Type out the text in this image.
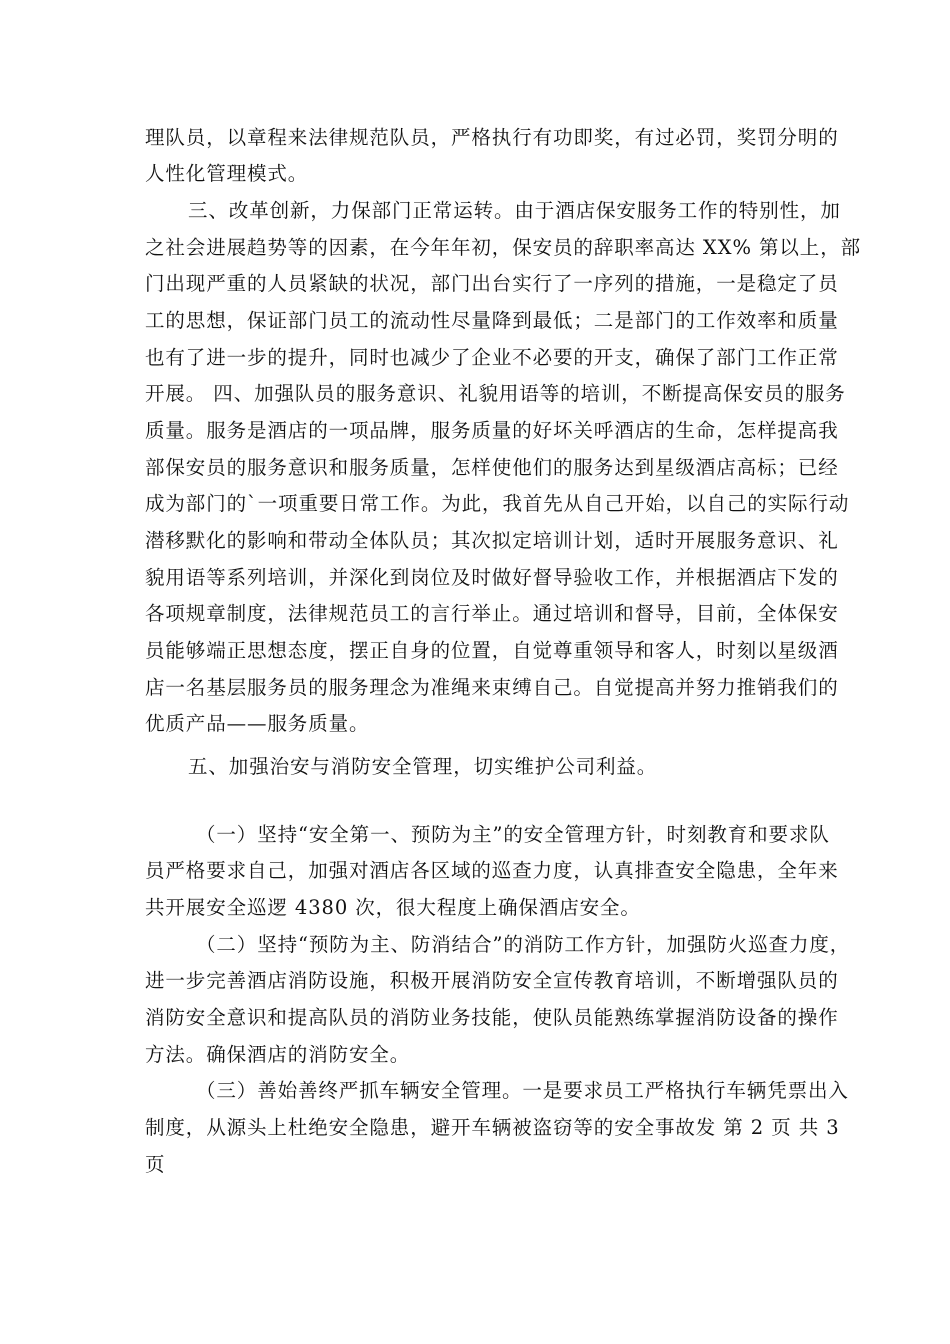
理队员，以章程来法律规范队员，严格执行有功即奖，有过必罚，奖罚分明的
人性化管理模式。
三、改革创新，力保部门正常运转。由于酒店保安服务工作的特别性，加
之社会进展趋势等的因素，在今年年初，保安员的辞职率高达 XX% 第以上，部
门出现严重的人员紧缺的状况，部门出台实行了一序列的措施，一是稳定了员
工的思想，保证部门员工的流动性尽量降到最低；二是部门的工作效率和质量
也有了进一步的提升，同时也减少了企业不必要的开支，确保了部门工作正常
开展。 四、加强队员的服务意识、礼貌用语等的培训，不断提高保安员的服务
质量。服务是酒店的一项品牌，服务质量的好坏关呼酒店的生命，怎样提高我
部保安员的服务意识和服务质量，怎样使他们的服务达到星级酒店高标；已经
成为部门的`一项重要日常工作。为此，我首先从自己开始，以自己的实际行动
潜移默化的影响和带动全体队员；其次拟定培训计划，适时开展服务意识、礼
貌用语等系列培训，并深化到岗位及时做好督导验收工作，并根据酒店下发的
各项规章制度，法律规范员工的言行举止。通过培训和督导，目前，全体保安
员能够端正思想态度，摆正自身的位置，自觉尊重领导和客人，时刻以星级酒
店一名基层服务员的服务理念为准绳来束缚自己。自觉提高并努力推销我们的
优质产品——服务质量。
五、加强治安与消防安全管理，切实维护公司利益。
（一）坚持“安全第一、预防为主”的安全管理方针，时刻教育和要求队
员严格要求自己，加强对酒店各区域的巡查力度，认真排查安全隐患，全年来
共开展安全巡逻 4380 次，很大程度上确保酒店安全。
（二）坚持“预防为主、防消结合”的消防工作方针，加强防火巡查力度，
进一步完善酒店消防设施，积极开展消防安全宣传教育培训，不断增强队员的
消防安全意识和提高队员的消防业务技能，使队员能熟练掌握消防设备的操作
方法。确保酒店的消防安全。
（三）善始善终严抓车辆安全管理。一是要求员工严格执行车辆凭票出入
制度，从源头上杜绝安全隐患，避开车辆被盗窃等的安全事故发 第 2 页 共 3
页
